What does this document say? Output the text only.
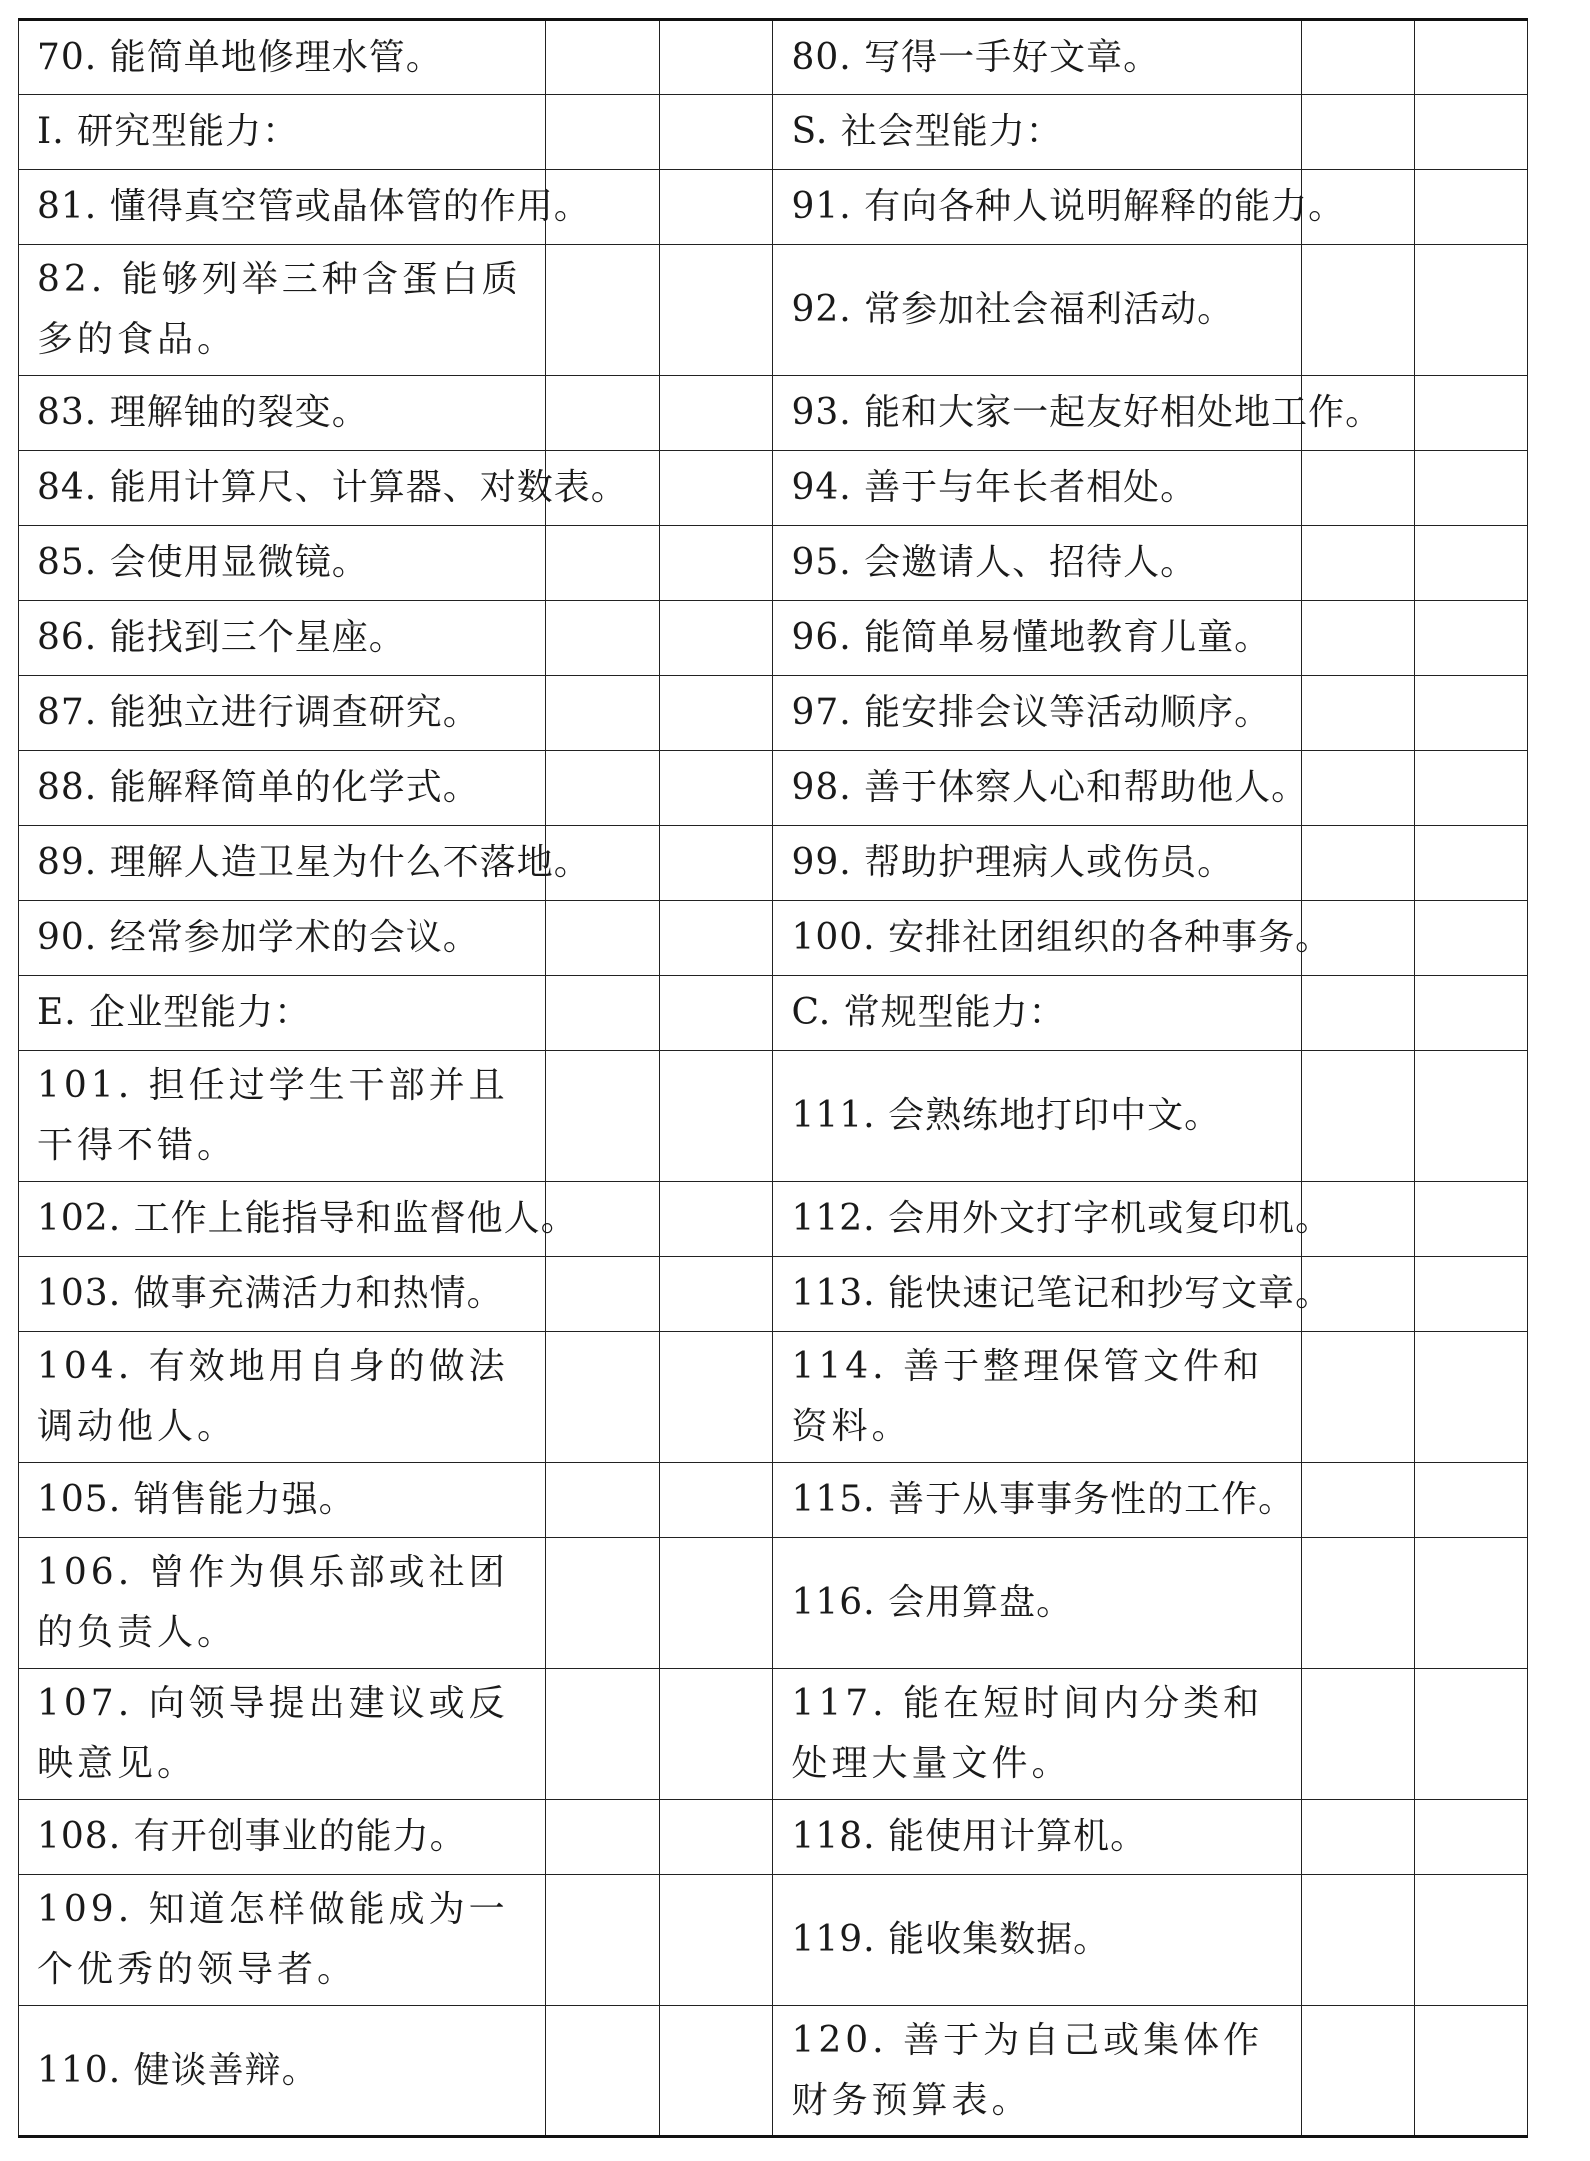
70. 能简单地修理水管。			80. 写得一手好文章。		

I. 研究型能力：			S. 社会型能力：		

81. 懂得真空管或晶体管的作用。			91. 有向各种人说明解释的能力。		

82. 能够列举三种含蛋白质多的食品。			92. 常参加社会福利活动。		

83. 理解铀的裂变。			93. 能和大家一起友好相处地工作。		

84. 能用计算尺、计算器、对数表。			94. 善于与年长者相处。		

85. 会使用显微镜。			95. 会邀请人、招待人。		

86. 能找到三个星座。			96. 能简单易懂地教育儿童。		

87. 能独立进行调查研究。			97. 能安排会议等活动顺序。		

88. 能解释简单的化学式。			98. 善于体察人心和帮助他人。		

89. 理解人造卫星为什么不落地。			99. 帮助护理病人或伤员。		

90. 经常参加学术的会议。			100. 安排社团组织的各种事务。		

E. 企业型能力：			C. 常规型能力：		

101. 担任过学生干部并且干得不错。			111. 会熟练地打印中文。		

102. 工作上能指导和监督他人。			112. 会用外文打字机或复印机。		

103. 做事充满活力和热情。			113. 能快速记笔记和抄写文章。		

104. 有效地用自身的做法调动他人。			114. 善于整理保管文件和资料。		

105. 销售能力强。			115. 善于从事事务性的工作。		

106. 曾作为俱乐部或社团的负责人。			116. 会用算盘。		

107. 向领导提出建议或反映意见。			117. 能在短时间内分类和处理大量文件。		

108. 有开创事业的能力。			118. 能使用计算机。		

109. 知道怎样做能成为一个优秀的领导者。			119. 能收集数据。		

110. 健谈善辩。			120. 善于为自己或集体作财务预算表。		
